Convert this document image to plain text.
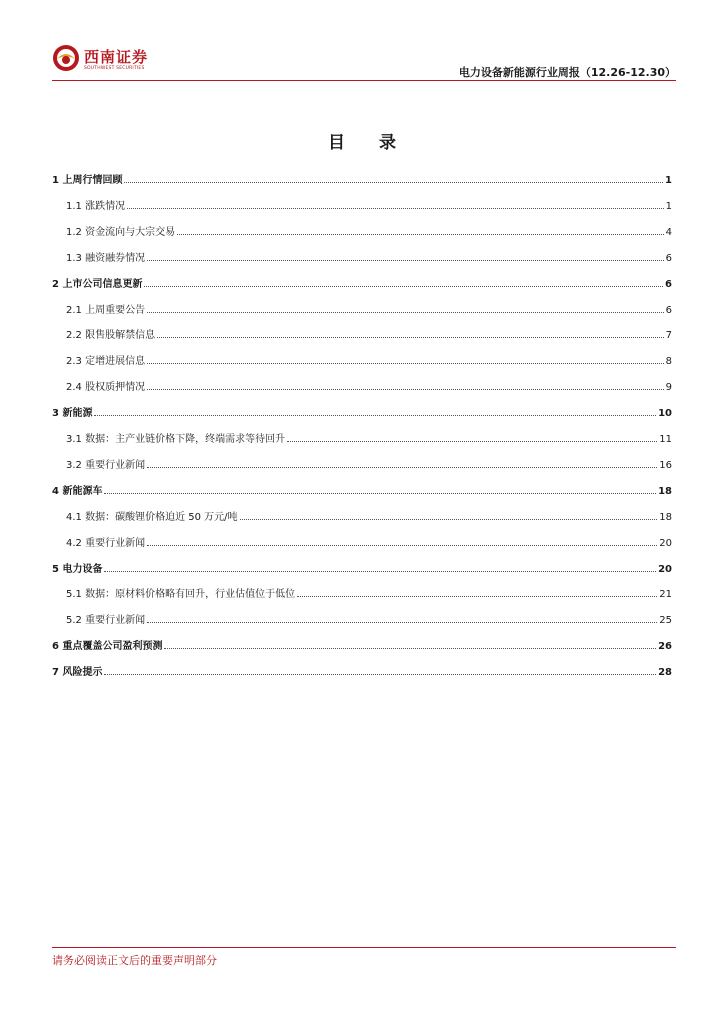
西南证券
SOUTHWEST SECURITIES	电力设备新能源行业周报（12.26-12.30）
目 录
1 上周行情回顾	1
1.1 涨跌情况	1
1.2 资金流向与大宗交易	4
1.3 融资融券情况	6
2 上市公司信息更新	6
2.1 上周重要公告	6
2.2 限售股解禁信息	7
2.3 定增进展信息	8
2.4 股权质押情况	9
3 新能源	10
3.1 数据：主产业链价格下降，终端需求等待回升	11
3.2 重要行业新闻	16
4 新能源车	18
4.1 数据：碳酸锂价格迫近 50 万元/吨	18
4.2 重要行业新闻	20
5 电力设备	20
5.1 数据：原材料价格略有回升，行业估值位于低位	21
5.2 重要行业新闻	25
6 重点覆盖公司盈利预测	26
7 风险提示	28
请务必阅读正文后的重要声明部分
